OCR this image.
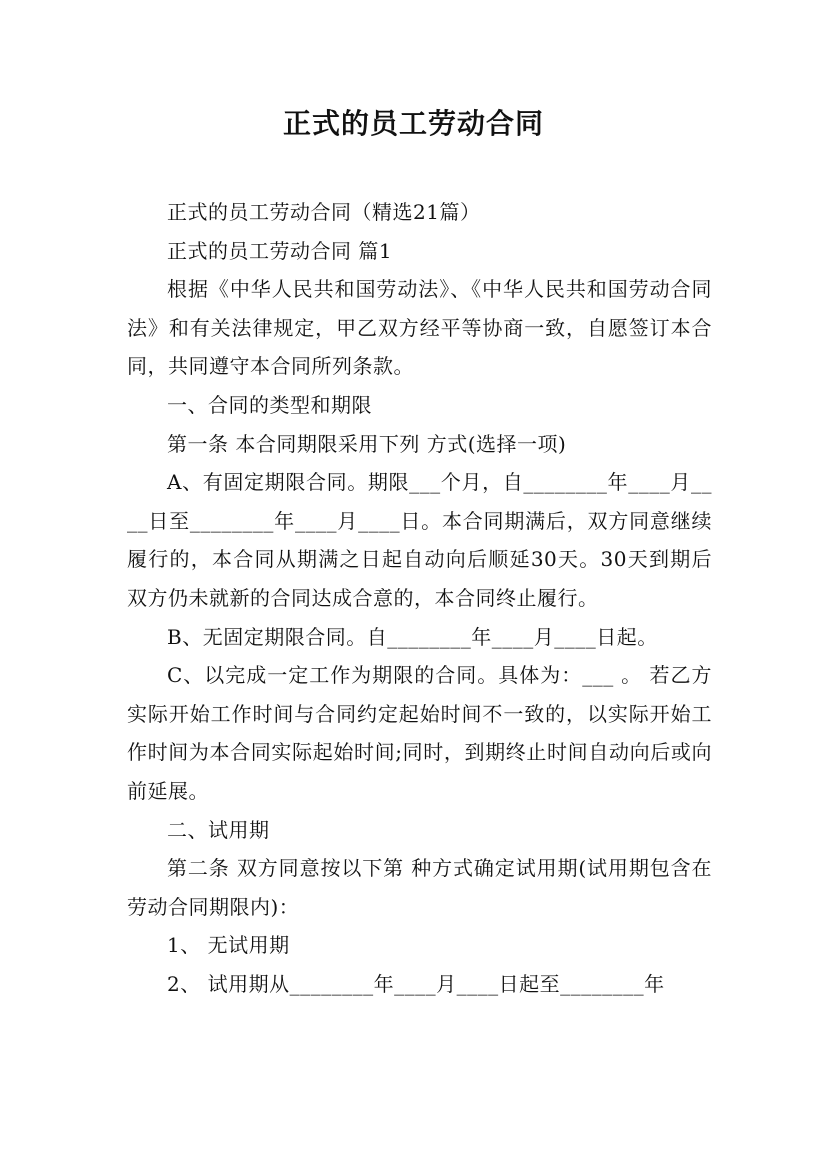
正式的员工劳动合同

正式的员工劳动合同（精选21篇）

正式的员工劳动合同 篇1

根据《中华人民共和国劳动法》、《中华人民共和国劳动合同法》和有关法律规定，甲乙双方经平等协商一致，自愿签订本合同，共同遵守本合同所列条款。

一、合同的类型和期限

第一条 本合同期限采用下列 方式(选择一项)

A、有固定期限合同。期限___个月，自________年____月____日至________年____月____日。本合同期满后，双方同意继续履行的，本合同从期满之日起自动向后顺延30天。30天到期后双方仍未就新的合同达成合意的，本合同终止履行。

B、无固定期限合同。自________年____月____日起。

C、以完成一定工作为期限的合同。具体为：___ 。 若乙方实际开始工作时间与合同约定起始时间不一致的，以实际开始工作时间为本合同实际起始时间;同时，到期终止时间自动向后或向前延展。

二、试用期

第二条 双方同意按以下第 种方式确定试用期(试用期包含在劳动合同期限内)：

1、 无试用期

2、 试用期从________年____月____日起至________年
